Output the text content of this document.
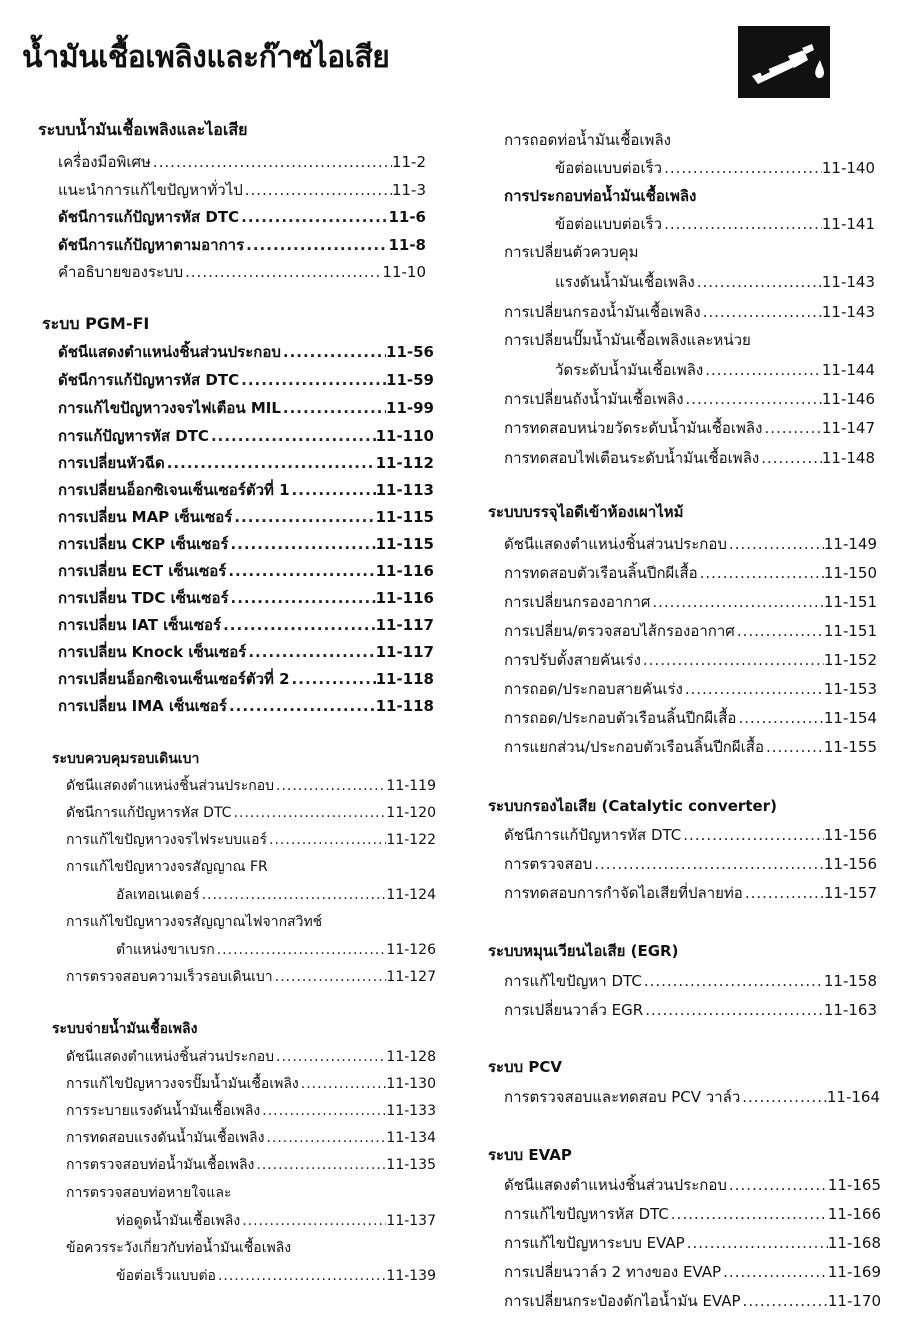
น้ำมันเชื้อเพลิงและก๊าซไอเสีย
ระบบน้ำมันเชื้อเพลิงและไอเสีย
เครื่องมือพิเศษ .....	11-2
แนะนำการแก้ไขปัญหาทั่วไป .....	11-3
ดัชนีการแก้ปัญหารหัส DTC .....	11-6
ดัชนีการแก้ปัญหาตามอาการ .....	11-8
คำอธิบายของระบบ .....	11-10
ระบบ PGM-FI
ดัชนีแสดงตำแหน่งชิ้นส่วนประกอบ .....	11-56
ดัชนีการแก้ปัญหารหัส DTC .....	11-59
การแก้ไขปัญหาวงจรไฟเตือน MIL .....	11-99
การแก้ปัญหารหัส DTC .....	11-110
การเปลี่ยนหัวฉีด .....	11-112
การเปลี่ยนอ็อกซิเจนเซ็นเซอร์ตัวที่ 1 .....	11-113
การเปลี่ยน MAP เซ็นเซอร์ .....	11-115
การเปลี่ยน CKP เซ็นเซอร์ .....	11-115
การเปลี่ยน ECT เซ็นเซอร์ .....	11-116
การเปลี่ยน TDC เซ็นเซอร์ .....	11-116
การเปลี่ยน IAT เซ็นเซอร์ .....	11-117
การเปลี่ยน Knock เซ็นเซอร์ .....	11-117
การเปลี่ยนอ็อกซิเจนเซ็นเซอร์ตัวที่ 2 .....	11-118
การเปลี่ยน IMA เซ็นเซอร์ .....	11-118
ระบบควบคุมรอบเดินเบา
ดัชนีแสดงตำแหน่งชิ้นส่วนประกอบ .....	11-119
ดัชนีการแก้ปัญหารหัส DTC .....	11-120
การแก้ไขปัญหาวงจรไฟระบบแอร์ .....	11-122
การแก้ไขปัญหาวงจรสัญญาณ FR
อัลเทอเนเตอร์ .....	11-124
การแก้ไขปัญหาวงจรสัญญาณไฟจากสวิทช์
ตำแหน่งขาเบรก .....	11-126
การตรวจสอบความเร็วรอบเดินเบา .....	11-127
ระบบจ่ายน้ำมันเชื้อเพลิง
ดัชนีแสดงตำแหน่งชิ้นส่วนประกอบ .....	11-128
การแก้ไขปัญหาวงจรปั๊มน้ำมันเชื้อเพลิง .....	11-130
การระบายแรงดันน้ำมันเชื้อเพลิง .....	11-133
การทดสอบแรงดันน้ำมันเชื้อเพลิง .....	11-134
การตรวจสอบท่อน้ำมันเชื้อเพลิง .....	11-135
การตรวจสอบท่อหายใจและ
ท่อดูดน้ำมันเชื้อเพลิง .....	11-137
ข้อควรระวังเกี่ยวกับท่อน้ำมันเชื้อเพลิง
ข้อต่อเร็วแบบต่อ .....	11-139
การถอดท่อน้ำมันเชื้อเพลิง
ข้อต่อแบบต่อเร็ว .....	11-140
การประกอบท่อน้ำมันเชื้อเพลิง
ข้อต่อแบบต่อเร็ว .....	11-141
การเปลี่ยนตัวควบคุม
แรงดันน้ำมันเชื้อเพลิง .....	11-143
การเปลี่ยนกรองน้ำมันเชื้อเพลิง .....	11-143
การเปลี่ยนปั๊มน้ำมันเชื้อเพลิงและหน่วย
วัดระดับน้ำมันเชื้อเพลิง .....	11-144
การเปลี่ยนถังน้ำมันเชื้อเพลิง .....	11-146
การทดสอบหน่วยวัดระดับน้ำมันเชื้อเพลิง .....	11-147
การทดสอบไฟเตือนระดับน้ำมันเชื้อเพลิง .....	11-148
ระบบบรรจุไอดีเข้าห้องเผาไหม้
ดัชนีแสดงตำแหน่งชิ้นส่วนประกอบ .....	11-149
การทดสอบตัวเรือนลิ้นปีกผีเสื้อ .....	11-150
การเปลี่ยนกรองอากาศ .....	11-151
การเปลี่ยน/ตรวจสอบไส้กรองอากาศ .....	11-151
การปรับตั้งสายคันเร่ง .....	11-152
การถอด/ประกอบสายคันเร่ง .....	11-153
การถอด/ประกอบตัวเรือนลิ้นปีกผีเสื้อ .....	11-154
การแยกส่วน/ประกอบตัวเรือนลิ้นปีกผีเสื้อ .....	11-155
ระบบกรองไอเสีย (Catalytic converter)
ดัชนีการแก้ปัญหารหัส DTC .....	11-156
การตรวจสอบ .....	11-156
การทดสอบการกำจัดไอเสียที่ปลายท่อ .....	11-157
ระบบหมุนเวียนไอเสีย (EGR)
การแก้ไขปัญหา DTC .....	11-158
การเปลี่ยนวาล์ว EGR .....	11-163
ระบบ PCV
การตรวจสอบและทดสอบ PCV วาล์ว .....	11-164
ระบบ EVAP
ดัชนีแสดงตำแหน่งชิ้นส่วนประกอบ .....	11-165
การแก้ไขปัญหารหัส DTC .....	11-166
การแก้ไขปัญหาระบบ EVAP .....	11-168
การเปลี่ยนวาล์ว 2 ทางของ EVAP .....	11-169
การเปลี่ยนกระป๋องดักไอน้ำมัน EVAP .....	11-170
